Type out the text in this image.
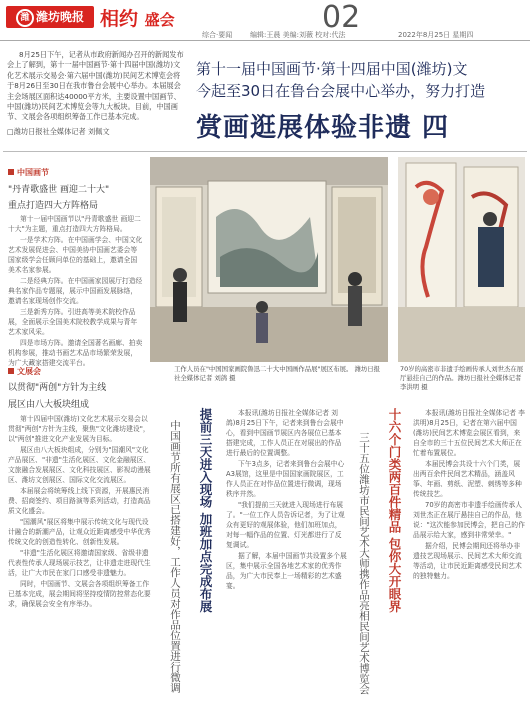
潍 潍坊晚报 相约 盛会	02
综合·要闻	编辑:王晨 美编:刘薇 校对:代法	2022年8月25日 星期四

8月25日下午，记者从市政府新闻办召开的新闻发布会上了解到，第十一届中国画节·第十四届中国(潍坊)文化艺术展示交易会·第六届中国(潍坊)民间艺术博览会将于8月26日至30日在我市鲁台会展中心举办。本届展会主会场展区面积达40000平方米，主要设置中国画节、中国(潍坊)民间艺术博览会等九大板块。目前，中国画节、文展会各项组织筹备工作已基本完成。

□潍坊日报社全媒体记者 刘佩文

第十一届中国画节·第十四届中国(潍坊)文
今起至30日在鲁台会展中心举办，努力打造
赏画逛展体验非遗 四
中国画节
"丹青歌盛世 画迎二十大"
重点打造四大方阵格局

第十一届中国画节以"丹青歌盛世 画迎二十大"为主题，重点打造四大方阵格局。

一是学术方阵。在中国画学会、中国文化艺术发展促进会、中国美协中国画艺委会等国家级学会任顾问单位的基础上，邀请全国美术名家参展。

二是经典方阵。在中国画家园展厅打造经典名家作品专题展，展示中国画发展脉络，邀请名家现场创作交流。

三是新秀方阵。引进高等美术院校作品展，全面展示全国美术院校教学成果与青年艺术家风采。

四是市场方阵。邀请全国著名画廊、拍卖机构参展，推动书画艺术品市场繁荣发展，为广大藏家搭建交流平台。

文展会
以贯彻"两创"方针为主线
展区由八大板块组成

第十四届中国(潍坊)文化艺术展示交易会以贯彻"两创"方针为主线，聚焦"文化潍坊建设"，以"两创"推进文化产业发展为目标。

展区由八大板块组成，分别为"国潮风"文化产品展区、"非遗"生活化展区、文化金融展区、文旅融合发展展区、文化科技展区、影视动漫展区、潍坊文创展区、国际文化交流展区。

本届展会将统筹线上线下资源，开展惠民消费、招商签约、项目路演等系列活动，打造高品质文化盛会。

"国潮风"展区将集中展示传统文化与现代设计融合的新潮产品，让观众近距离感受中华优秀传统文化的创造性转化、创新性发展。

"非遗"生活化展区将邀请国家级、省级非遗代表性传承人现场展示技艺，让非遗走进现代生活，让广大市民在家门口感受非遗魅力。

同时，中国画节、文展会各项组织筹备工作已基本完成，展会期间将坚持疫情防控常态化要求，确保展会安全有序举办。

工作人员在"中国国家画院鲁迅二十大中国画作品展"展区布展。 潍坊日报社全媒体记者 刘鸽 摄
70岁的高密市非遗手绘画传承人刘世杰在展厅悬挂自己的作品。潍坊日报社全媒体记者 李洪明 摄
提前三天进入现场 加班加点完成布展
中国画节所有展区已搭建好，工作人员对作品位置进行微调

本报讯(潍坊日报社全媒体记者 刘鸽)8月25日下午，记者来到鲁台会展中心，看到中国画节展区内各展位已基本搭建完成，工作人员正在对展出的作品进行最后的位置调整。

下午3点多，记者来到鲁台会展中心A3展馆，这里是中国国家画院展区，工作人员正在对作品位置进行微调，现场秩序井然。

"我们提前三天就进入现场进行布展了。"一位工作人员告诉记者，为了让观众有更好的观展体验，他们加班加点，对每一幅作品的位置、灯光都进行了反复调试。

据了解，本届中国画节共设置多个展区，集中展示全国各地艺术家的优秀作品，为广大市民奉上一场精彩的艺术盛宴。	十六个门类两百件精品 包你大开眼界
三十五位潍坊市民间艺术大师携作品亮相民间艺术博览会

本报讯(潍坊日报社全媒体记者 李洪明)8月25日，记者在第六届中国(潍坊)民间艺术博览会展区看到，来自全市的三十五位民间艺术大师正在忙着布置展位。

本届民博会共设十六个门类，展出两百余件民间艺术精品，涵盖风筝、年画、剪纸、泥塑、刺绣等多种传统技艺。

70岁的高密市非遗手绘画传承人刘世杰正在展厅悬挂自己的作品，他说："这次能参加民博会，把自己的作品展示给大家，感到非常荣幸。"

据介绍，民博会期间还将举办非遗技艺现场展示、民间艺术大师交流等活动，让市民近距离感受民间艺术的独特魅力。
